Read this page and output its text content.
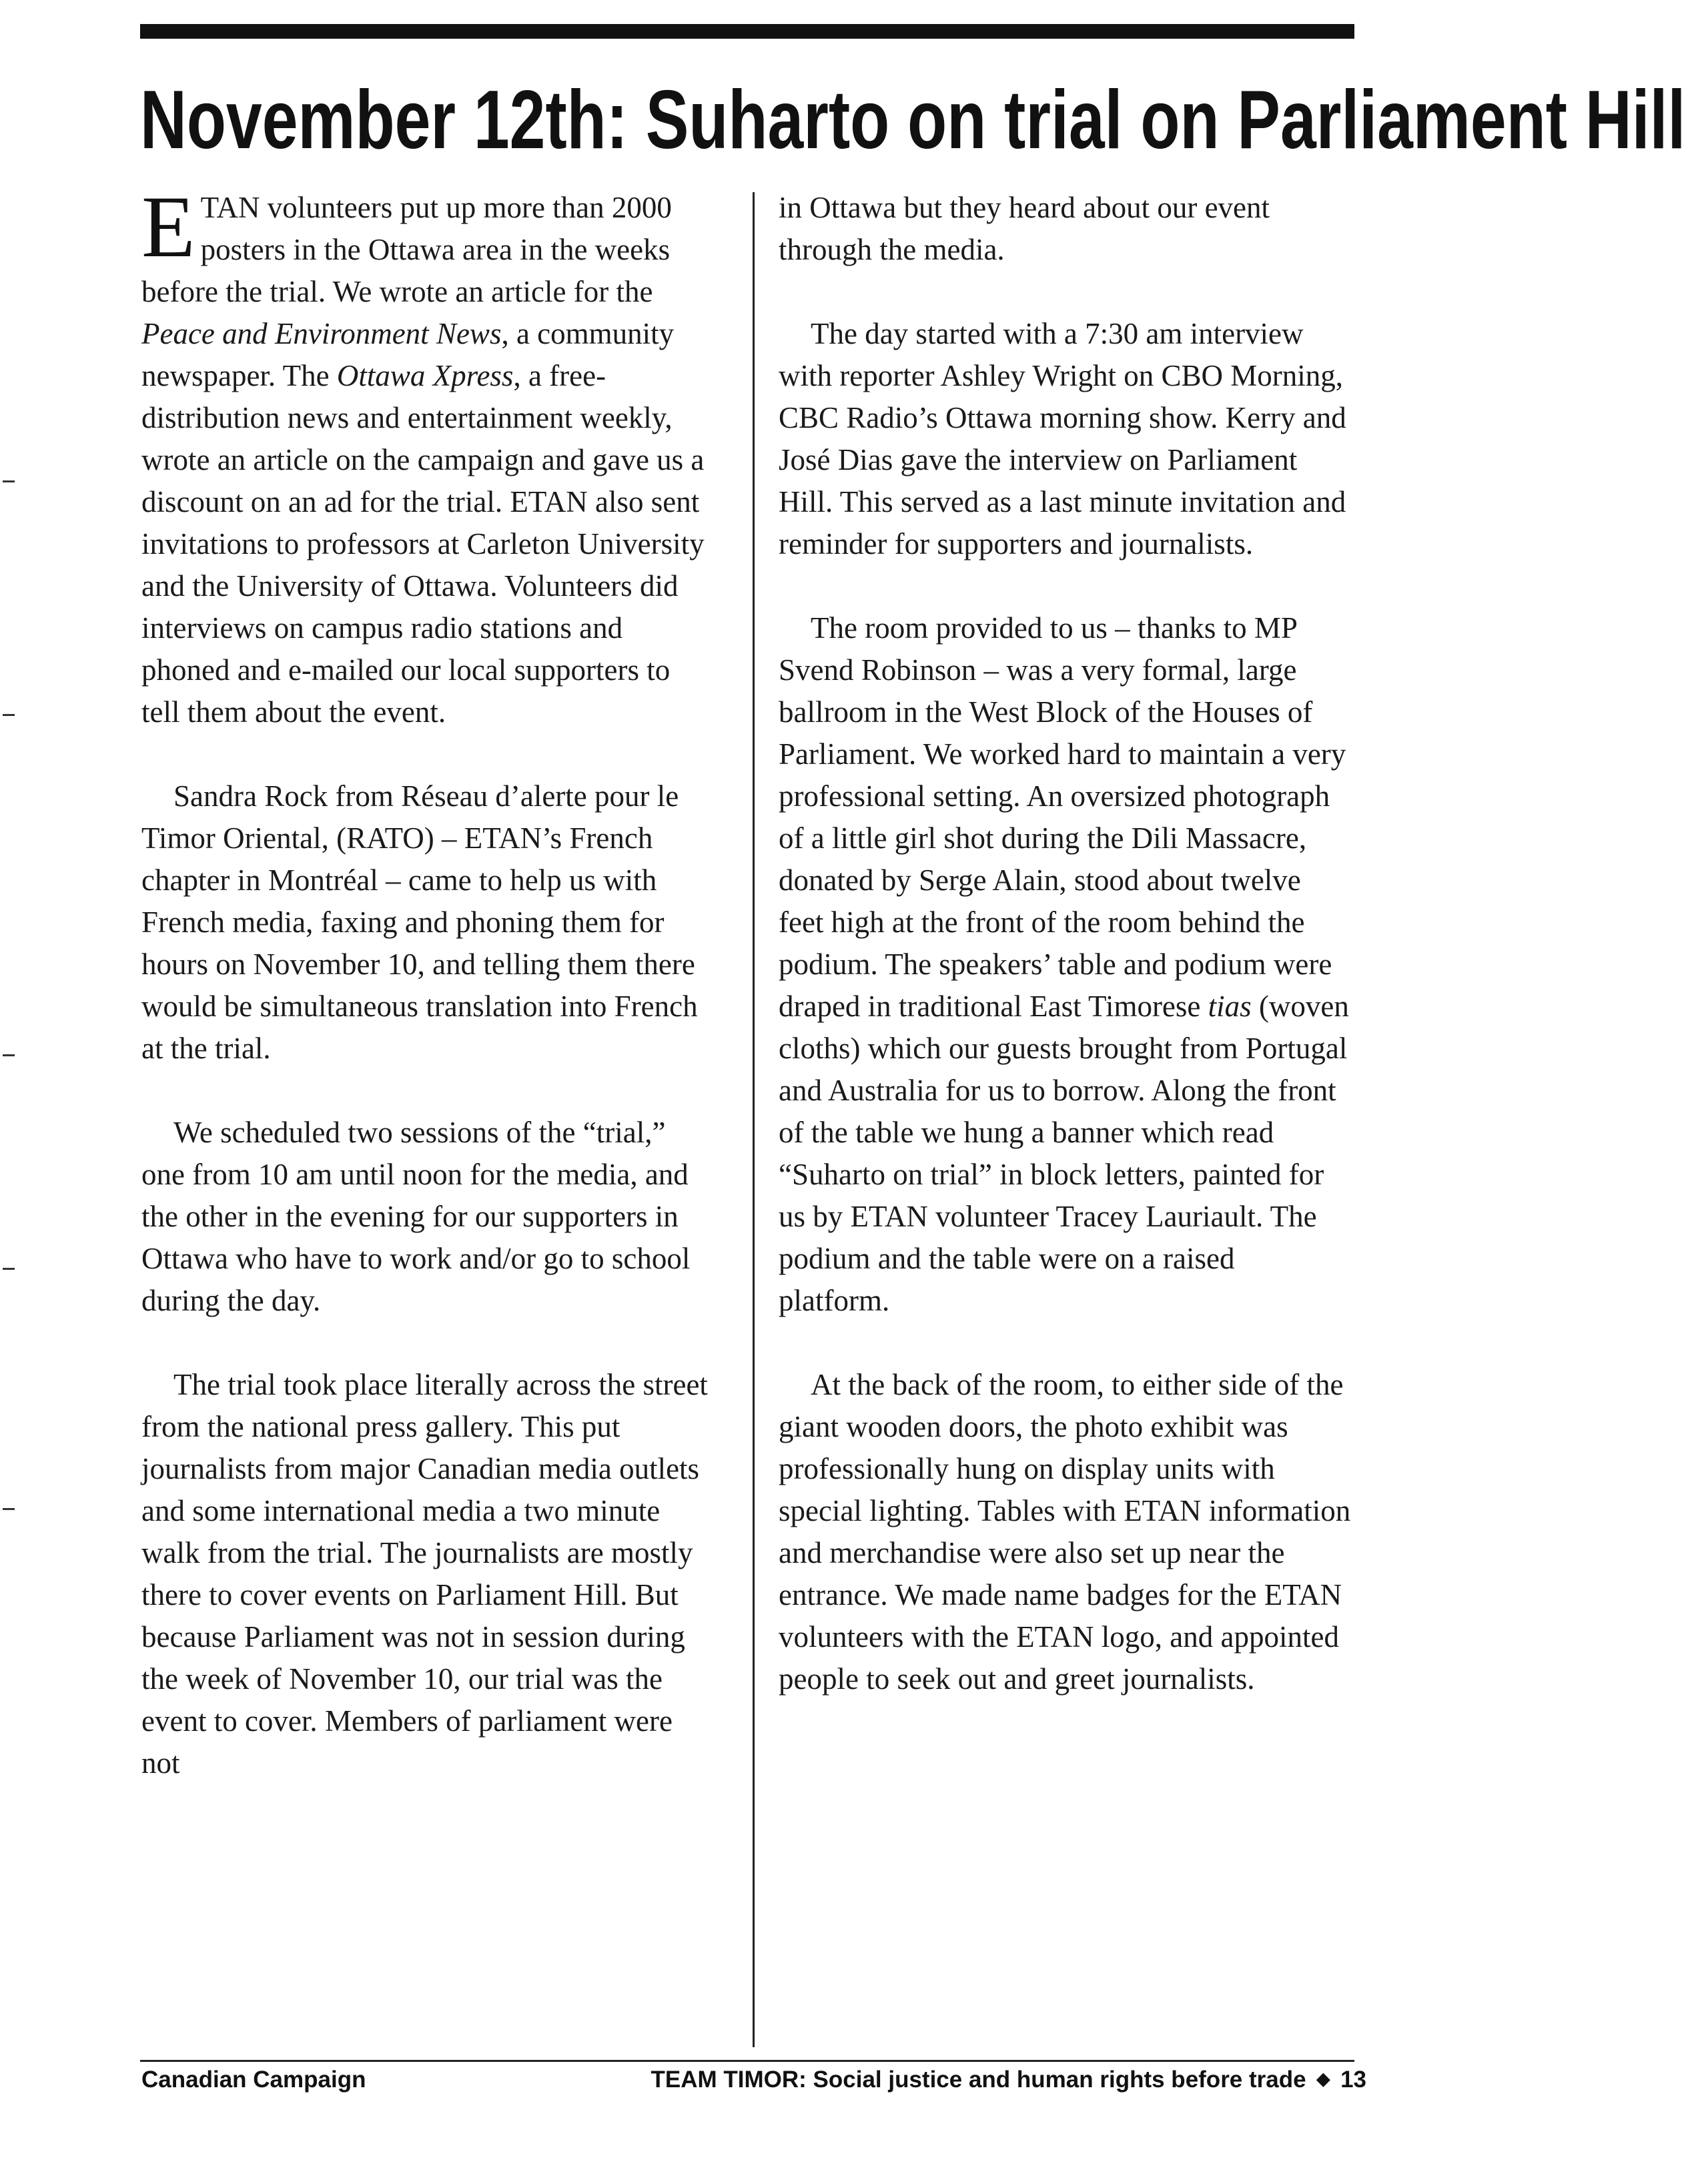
November 12th: Suharto on trial on Parliament Hill

ETAN volunteers put up more than 2000 posters in the Ottawa area in the weeks before the trial. We wrote an article for the Peace and Environment News, a community newspaper. The Ottawa Xpress, a free-distribution news and entertainment weekly, wrote an article on the campaign and gave us a discount on an ad for the trial. ETAN also sent invitations to professors at Carleton University and the University of Ottawa. Volunteers did interviews on campus radio stations and phoned and e-mailed our local supporters to tell them about the event.

Sandra Rock from Réseau d’alerte pour le Timor Oriental, (RATO) – ETAN’s French chapter in Montréal – came to help us with French media, faxing and phoning them for hours on November 10, and telling them there would be simultaneous translation into French at the trial.

We scheduled two sessions of the “trial,” one from 10 am until noon for the media, and the other in the evening for our supporters in Ottawa who have to work and/or go to school during the day.

The trial took place literally across the street from the national press gallery. This put journalists from major Canadian media outlets and some international media a two minute walk from the trial. The journalists are mostly there to cover events on Parliament Hill. But because Parliament was not in session during the week of November 10, our trial was the event to cover. Members of parliament were not

in Ottawa but they heard about our event through the media.

The day started with a 7:30 am interview with reporter Ashley Wright on CBO Morning, CBC Radio’s Ottawa morning show. Kerry and José Dias gave the interview on Parliament Hill. This served as a last minute invitation and reminder for supporters and journalists.

The room provided to us – thanks to MP Svend Robinson – was a very formal, large ballroom in the West Block of the Houses of Parliament. We worked hard to maintain a very professional setting. An oversized photograph of a little girl shot during the Dili Massacre, donated by Serge Alain, stood about twelve feet high at the front of the room behind the podium. The speakers’ table and podium were draped in traditional East Timorese tias (woven cloths) which our guests brought from Portugal and Australia for us to borrow. Along the front of the table we hung a banner which read “Suharto on trial” in block letters, painted for us by ETAN volunteer Tracey Lauriault. The podium and the table were on a raised platform.

At the back of the room, to either side of the giant wooden doors, the photo exhibit was professionally hung on display units with special lighting. Tables with ETAN information and merchandise were also set up near the entrance. We made name badges for the ETAN volunteers with the ETAN logo, and appointed people to seek out and greet journalists.

Canadian Campaign	TEAM TIMOR: Social justice and human rights before trade ◆ 13
